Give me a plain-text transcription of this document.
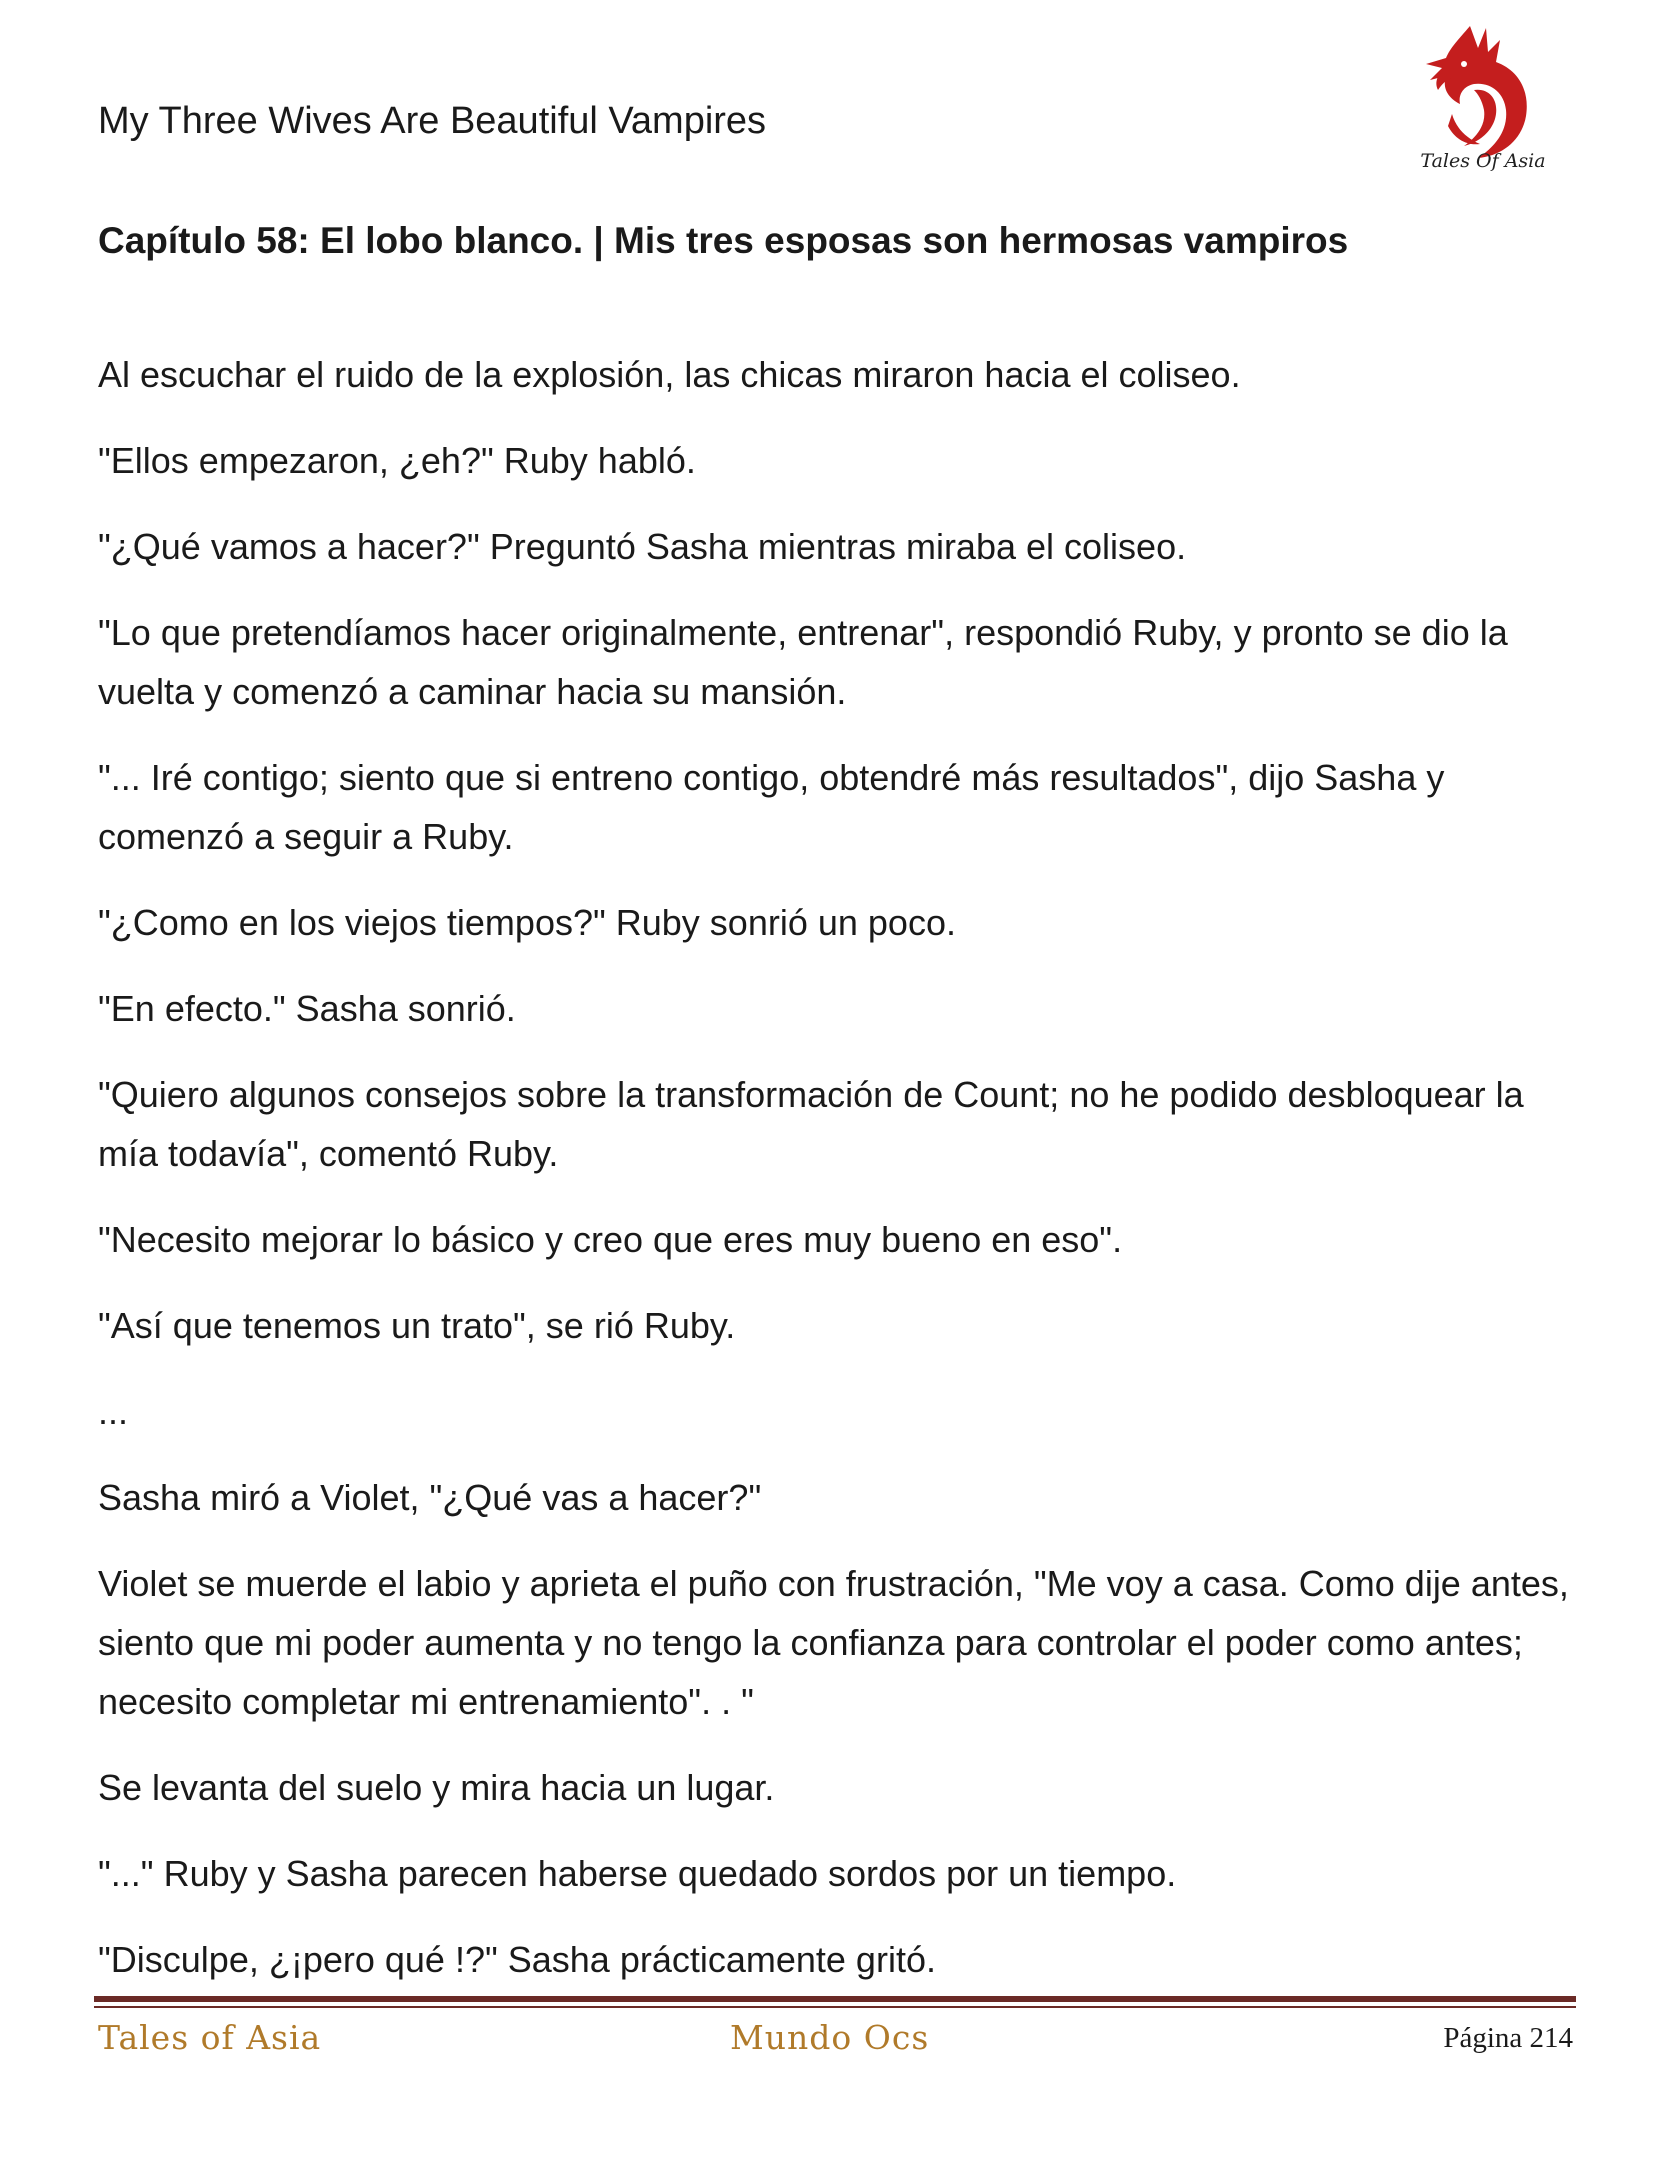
My Three Wives Are Beautiful Vampires
Tales Of Asia
Capítulo 58: El lobo blanco. | Mis tres esposas son hermosas vampiros

Al escuchar el ruido de la explosión, las chicas miraron hacia el coliseo.

"Ellos empezaron, ¿eh?" Ruby habló.

"¿Qué vamos a hacer?" Preguntó Sasha mientras miraba el coliseo.

"Lo que pretendíamos hacer originalmente, entrenar", respondió Ruby, y pronto se dio la vuelta y comenzó a caminar hacia su mansión.

"... Iré contigo; siento que si entreno contigo, obtendré más resultados", dijo Sasha y comenzó a seguir a Ruby.

"¿Como en los viejos tiempos?" Ruby sonrió un poco.

"En efecto." Sasha sonrió.

"Quiero algunos consejos sobre la transformación de Count; no he podido desbloquear la mía todavía", comentó Ruby.

"Necesito mejorar lo básico y creo que eres muy bueno en eso".

"Así que tenemos un trato", se rió Ruby.

...

Sasha miró a Violet, "¿Qué vas a hacer?"

Violet se muerde el labio y aprieta el puño con frustración, "Me voy a casa. Como dije antes, siento que mi poder aumenta y no tengo la confianza para controlar el poder como antes; necesito completar mi entrenamiento". . "

Se levanta del suelo y mira hacia un lugar.

"..." Ruby y Sasha parecen haberse quedado sordos por un tiempo.

"Disculpe, ¿¡pero qué !?" Sasha prácticamente gritó.

Tales of Asia	Mundo Ocs	Página 214
